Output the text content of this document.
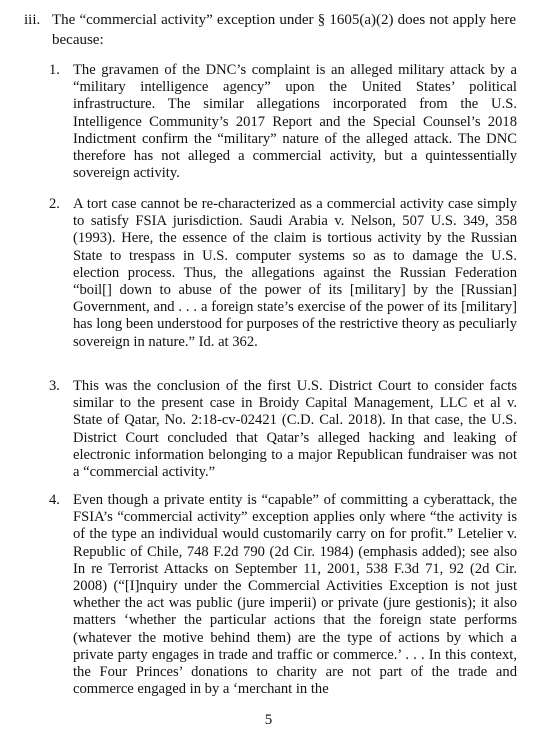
iii. The “commercial activity” exception under § 1605(a)(2) does not apply here because:
1. The gravamen of the DNC’s complaint is an alleged military attack by a “military intelligence agency” upon the United States’ political infrastructure. The similar allegations incorporated from the U.S. Intelligence Community’s 2017 Report and the Special Counsel’s 2018 Indictment confirm the “military” nature of the alleged attack. The DNC therefore has not alleged a commercial activity, but a quintessentially sovereign activity.

2. A tort case cannot be re-characterized as a commercial activity case simply to satisfy FSIA jurisdiction. Saudi Arabia v. Nelson, 507 U.S. 349, 358 (1993). Here, the essence of the claim is tortious activity by the Russian State to trespass in U.S. computer systems so as to damage the U.S. election process. Thus, the allegations against the Russian Federation “boil[] down to abuse of the power of its [military] by the [Russian] Government, and . . . a foreign state’s exercise of the power of its [military] has long been understood for purposes of the restrictive theory as peculiarly sovereign in nature.” Id. at 362.

3. This was the conclusion of the first U.S. District Court to consider facts similar to the present case in Broidy Capital Management, LLC et al v. State of Qatar, No. 2:18-cv-02421 (C.D. Cal. 2018). In that case, the U.S. District Court concluded that Qatar’s alleged hacking and leaking of electronic information belonging to a major Republican fundraiser was not a “commercial activity.”

4. Even though a private entity is “capable” of committing a cyberattack, the FSIA’s “commercial activity” exception applies only where “the activity is of the type an individual would customarily carry on for profit.” Letelier v. Republic of Chile, 748 F.2d 790 (2d Cir. 1984) (emphasis added); see also In re Terrorist Attacks on September 11, 2001, 538 F.3d 71, 92 (2d Cir. 2008) (“[I]nquiry under the Commercial Activities Exception is not just whether the act was public (jure imperii) or private (jure gestionis); it also matters ‘whether the particular actions that the foreign state performs (whatever the motive behind them) are the type of actions by which a private party engages in trade and traffic or commerce.’ . . . In this context, the Four Princes’ donations to charity are not part of the trade and commerce engaged in by a ‘merchant in the

5
